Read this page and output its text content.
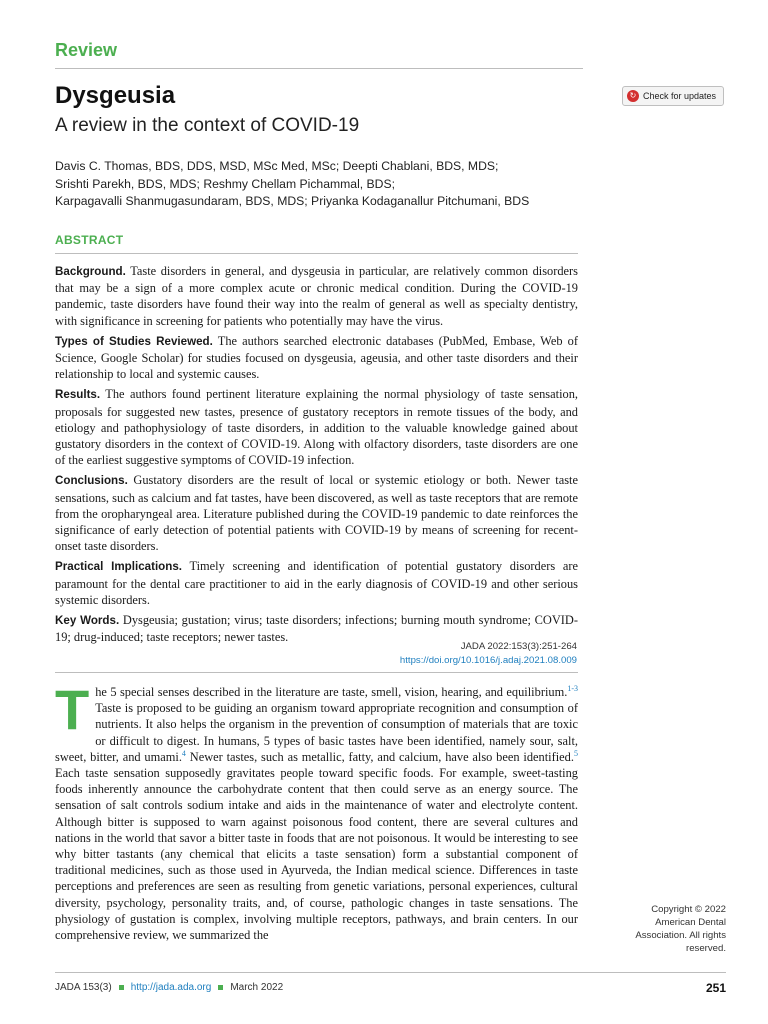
Review
Dysgeusia
A review in the context of COVID-19
↻ Check for updates
Davis C. Thomas, BDS, DDS, MSD, MSc Med, MSc; Deepti Chablani, BDS, MDS;
Srishti Parekh, BDS, MDS; Reshmy Chellam Pichammal, BDS;
Karpagavalli Shanmugasundaram, BDS, MDS; Priyanka Kodaganallur Pitchumani, BDS
ABSTRACT

Background. Taste disorders in general, and dysgeusia in particular, are relatively common disorders that may be a sign of a more complex acute or chronic medical condition. During the COVID-19 pandemic, taste disorders have found their way into the realm of general as well as specialty dentistry, with significance in screening for patients who potentially may have the virus.

Types of Studies Reviewed. The authors searched electronic databases (PubMed, Embase, Web of Science, Google Scholar) for studies focused on dysgeusia, ageusia, and other taste disorders and their relationship to local and systemic causes.

Results. The authors found pertinent literature explaining the normal physiology of taste sensation, proposals for suggested new tastes, presence of gustatory receptors in remote tissues of the body, and etiology and pathophysiology of taste disorders, in addition to the valuable knowledge gained about gustatory disorders in the context of COVID-19. Along with olfactory disorders, taste disorders are one of the earliest suggestive symptoms of COVID-19 infection.

Conclusions. Gustatory disorders are the result of local or systemic etiology or both. Newer taste sensations, such as calcium and fat tastes, have been discovered, as well as taste receptors that are remote from the oropharyngeal area. Literature published during the COVID-19 pandemic to date reinforces the significance of early detection of potential patients with COVID-19 by means of screening for recent-onset taste disorders.

Practical Implications. Timely screening and identification of potential gustatory disorders are paramount for the dental care practitioner to aid in the early diagnosis of COVID-19 and other serious systemic disorders.

Key Words. Dysgeusia; gustation; virus; taste disorders; infections; burning mouth syndrome; COVID-19; drug-induced; taste receptors; newer tastes.

JADA 2022:153(3):251-264
https://doi.org/10.1016/j.adaj.2021.08.009

The 5 special senses described in the literature are taste, smell, vision, hearing, and equilibrium.$^{1-3}$ Taste is proposed to be guiding an organism toward appropriate recognition and consumption of nutrients. It also helps the organism in the prevention of consumption of materials that are toxic or difficult to digest. In humans, 5 types of basic tastes have been identified, namely sour, salt, sweet, bitter, and umami.$^4$ Newer tastes, such as metallic, fatty, and calcium, have also been identified.$^5$ Each taste sensation supposedly gravitates people toward specific foods. For example, sweet-tasting foods inherently announce the carbohydrate content that then could serve as an energy source. The sensation of salt controls sodium intake and aids in the maintenance of water and electrolyte content. Although bitter is supposed to warn against poisonous food content, there are several cultures and nations in the world that savor a bitter taste in foods that are not poisonous. It would be interesting to see why bitter tastants (any chemical that elicits a taste sensation) form a substantial component of traditional medicines, such as those used in Ayurveda, the Indian medical science. Differences in taste perceptions and preferences are seen as resulting from genetic variations, personal experiences, cultural diversity, psychology, personality traits, and, of course, pathologic changes in taste sensations. The physiology of gustation is complex, involving multiple receptors, pathways, and brain centers. In our comprehensive review, we summarized the

Copyright © 2022
American Dental
Association. All rights
reserved.
JADA 153(3) http://jada.ada.org March 2022	251
